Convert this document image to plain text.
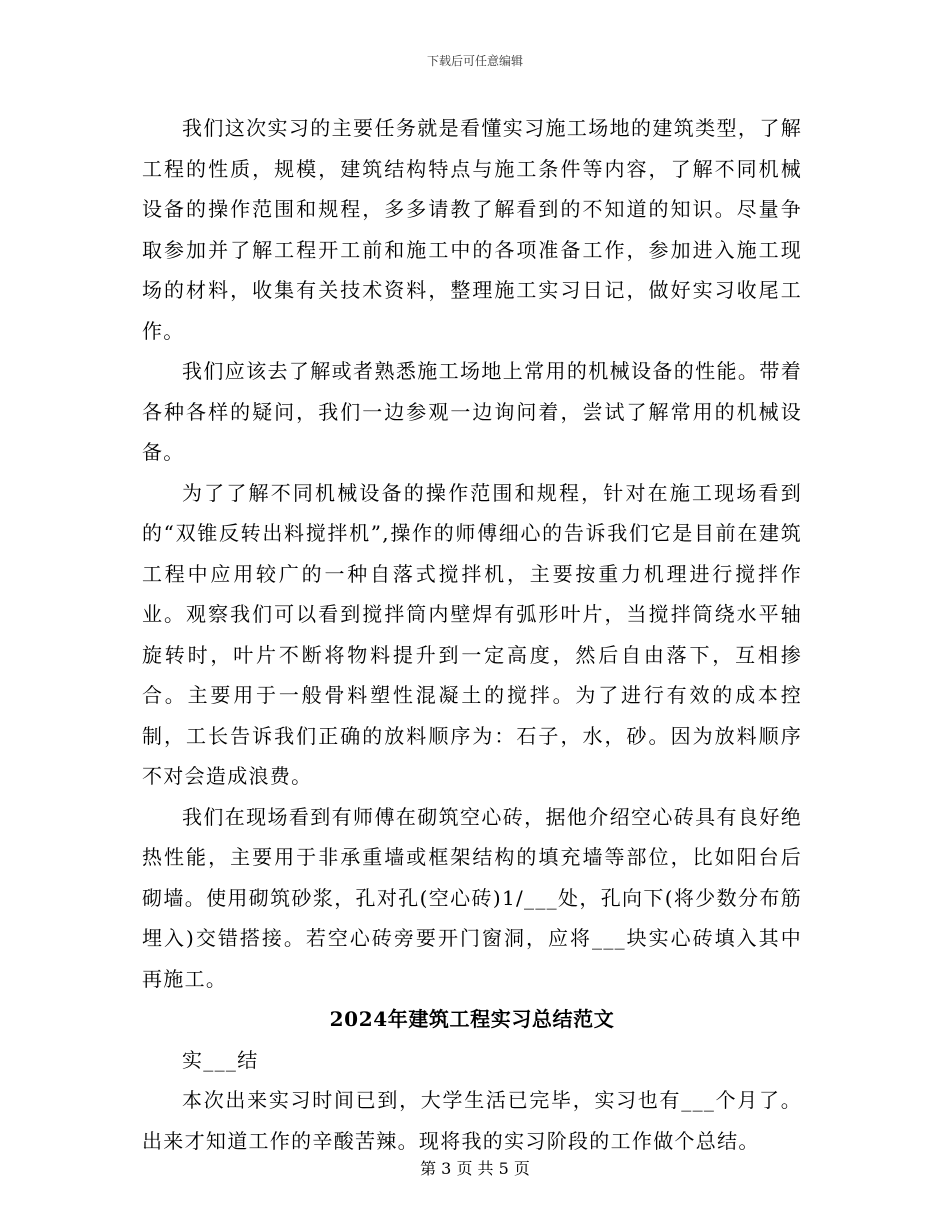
下载后可任意编辑

我们这次实习的主要任务就是看懂实习施工场地的建筑类型，了解工程的性质，规模，建筑结构特点与施工条件等内容，了解不同机械设备的操作范围和规程，多多请教了解看到的不知道的知识。尽量争取参加并了解工程开工前和施工中的各项准备工作，参加进入施工现场的材料，收集有关技术资料，整理施工实习日记，做好实习收尾工作。

我们应该去了解或者熟悉施工场地上常用的机械设备的性能。带着各种各样的疑问，我们一边参观一边询问着，尝试了解常用的机械设备。

为了了解不同机械设备的操作范围和规程，针对在施工现场看到的“双锥反转出料搅拌机”,操作的师傅细心的告诉我们它是目前在建筑工程中应用较广的一种自落式搅拌机，主要按重力机理进行搅拌作业。观察我们可以看到搅拌筒内壁焊有弧形叶片，当搅拌筒绕水平轴旋转时，叶片不断将物料提升到一定高度，然后自由落下，互相掺合。主要用于一般骨料塑性混凝土的搅拌。为了进行有效的成本控制，工长告诉我们正确的放料顺序为：石子，水，砂。因为放料顺序不对会造成浪费。

我们在现场看到有师傅在砌筑空心砖，据他介绍空心砖具有良好绝热性能，主要用于非承重墙或框架结构的填充墙等部位，比如阳台后砌墙。使用砌筑砂浆，孔对孔(空心砖)1/___处，孔向下(将少数分布筋埋入)交错搭接。若空心砖旁要开门窗洞，应将___块实心砖填入其中再施工。

2024年建筑工程实习总结范文

实___结

本次出来实习时间已到，大学生活已完毕，实习也有___个月了。出来才知道工作的辛酸苦辣。现将我的实习阶段的工作做个总结。

第 3 页 共 5 页
